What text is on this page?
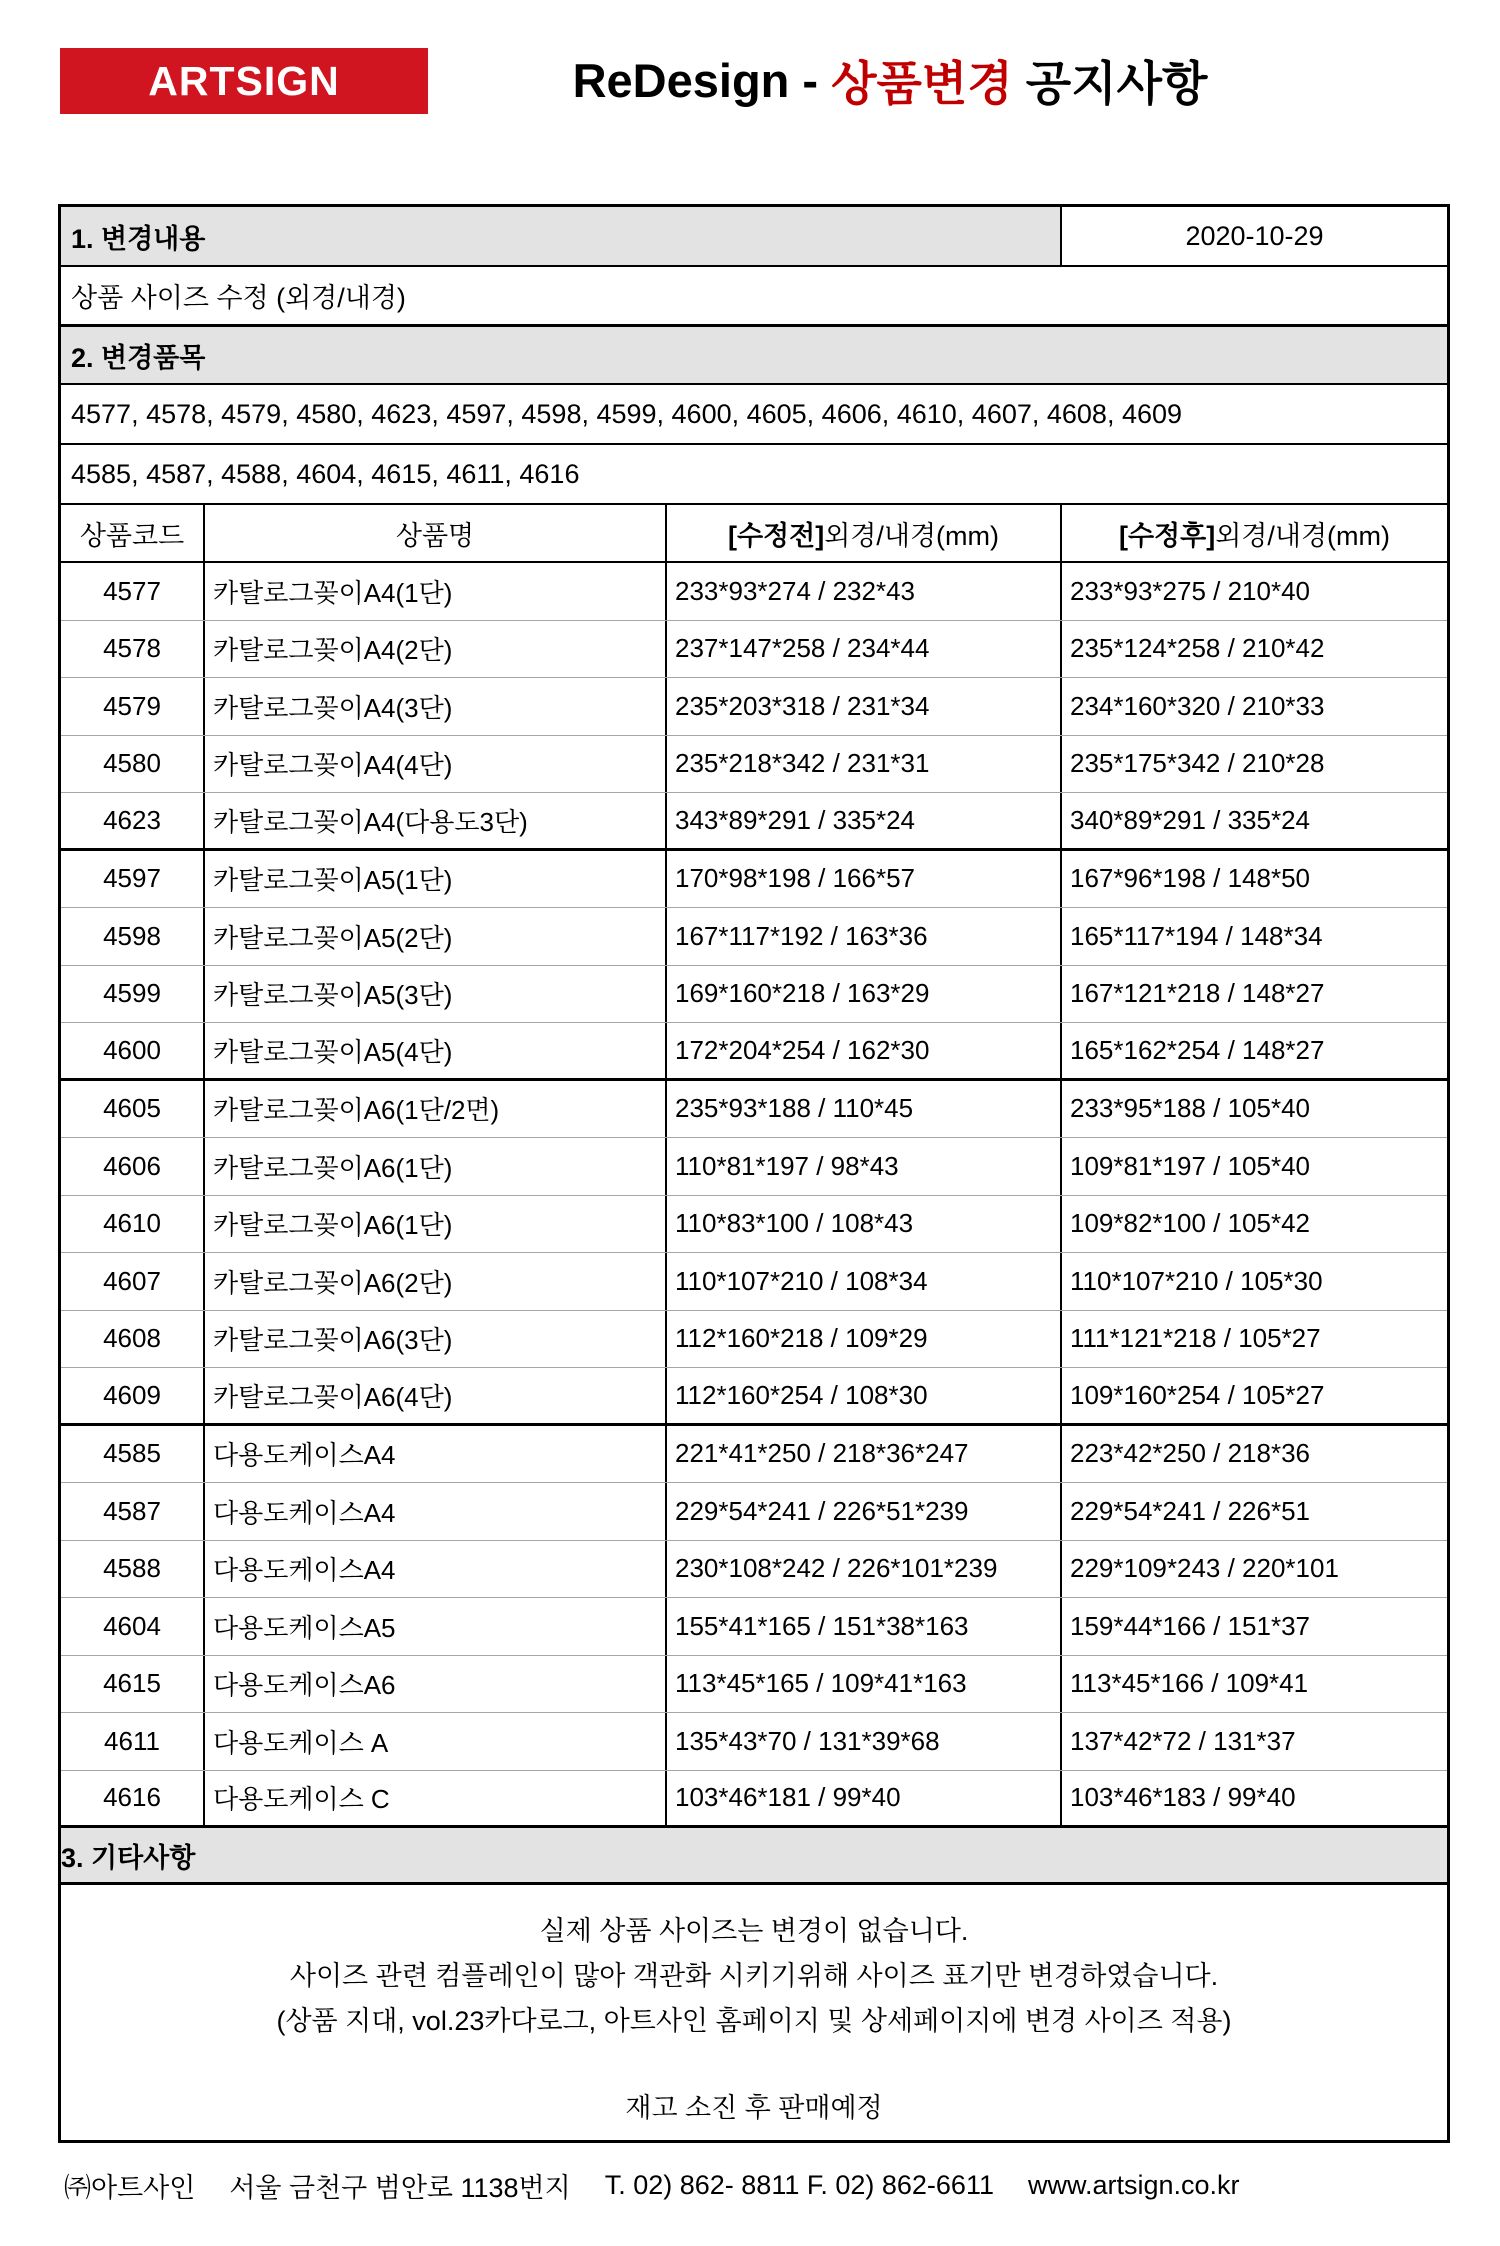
ARTSIGN	ReDesign - 상품변경 공지사항
1. 변경내용	2020-10-29
상품 사이즈 수정 (외경/내경)
2. 변경품목
4577, 4578, 4579, 4580, 4623, 4597, 4598, 4599, 4600, 4605, 4606, 4610, 4607, 4608, 4609
4585, 4587, 4588, 4604, 4615, 4611, 4616
상품코드	상품명	[수정전] 외경/내경(mm)	[수정후] 외경/내경(mm)
4577	카탈로그꽂이A4(1단)	233*93*274 / 232*43	233*93*275 / 210*40
4578	카탈로그꽂이A4(2단)	237*147*258 / 234*44	235*124*258 / 210*42
4579	카탈로그꽂이A4(3단)	235*203*318 / 231*34	234*160*320 / 210*33
4580	카탈로그꽂이A4(4단)	235*218*342 / 231*31	235*175*342 / 210*28
4623	카탈로그꽂이A4(다용도3단)	343*89*291 / 335*24	340*89*291 / 335*24
4597	카탈로그꽂이A5(1단)	170*98*198 / 166*57	167*96*198 / 148*50
4598	카탈로그꽂이A5(2단)	167*117*192 / 163*36	165*117*194 / 148*34
4599	카탈로그꽂이A5(3단)	169*160*218 / 163*29	167*121*218 / 148*27
4600	카탈로그꽂이A5(4단)	172*204*254 / 162*30	165*162*254 / 148*27
4605	카탈로그꽂이A6(1단/2면)	235*93*188 / 110*45	233*95*188 / 105*40
4606	카탈로그꽂이A6(1단)	110*81*197 / 98*43	109*81*197 / 105*40
4610	카탈로그꽂이A6(1단)	110*83*100 / 108*43	109*82*100 / 105*42
4607	카탈로그꽂이A6(2단)	110*107*210 / 108*34	110*107*210 / 105*30
4608	카탈로그꽂이A6(3단)	112*160*218 / 109*29	111*121*218 / 105*27
4609	카탈로그꽂이A6(4단)	112*160*254 / 108*30	109*160*254 / 105*27
4585	다용도케이스A4	221*41*250 / 218*36*247	223*42*250 / 218*36
4587	다용도케이스A4	229*54*241 / 226*51*239	229*54*241 / 226*51
4588	다용도케이스A4	230*108*242 / 226*101*239	229*109*243 / 220*101
4604	다용도케이스A5	155*41*165 / 151*38*163	159*44*166 / 151*37
4615	다용도케이스A6	113*45*165 / 109*41*163	113*45*166 / 109*41
4611	다용도케이스 A	135*43*70 / 131*39*68	137*42*72 / 131*37
4616	다용도케이스 C	103*46*181 / 99*40	103*46*183 / 99*40
3. 기타사항

실제 상품 사이즈는 변경이 없습니다.

사이즈 관련 컴플레인이 많아 객관화 시키기위해 사이즈 표기만 변경하였습니다.

(상품 지대, vol.23카다로그, 아트사인 홈페이지 및 상세페이지에 변경 사이즈 적용)

재고 소진 후 판매예정

㈜아트사인 서울 금천구 범안로 1138번지 T. 02) 862- 8811 F. 02) 862-6611 www.artsign.co.kr
